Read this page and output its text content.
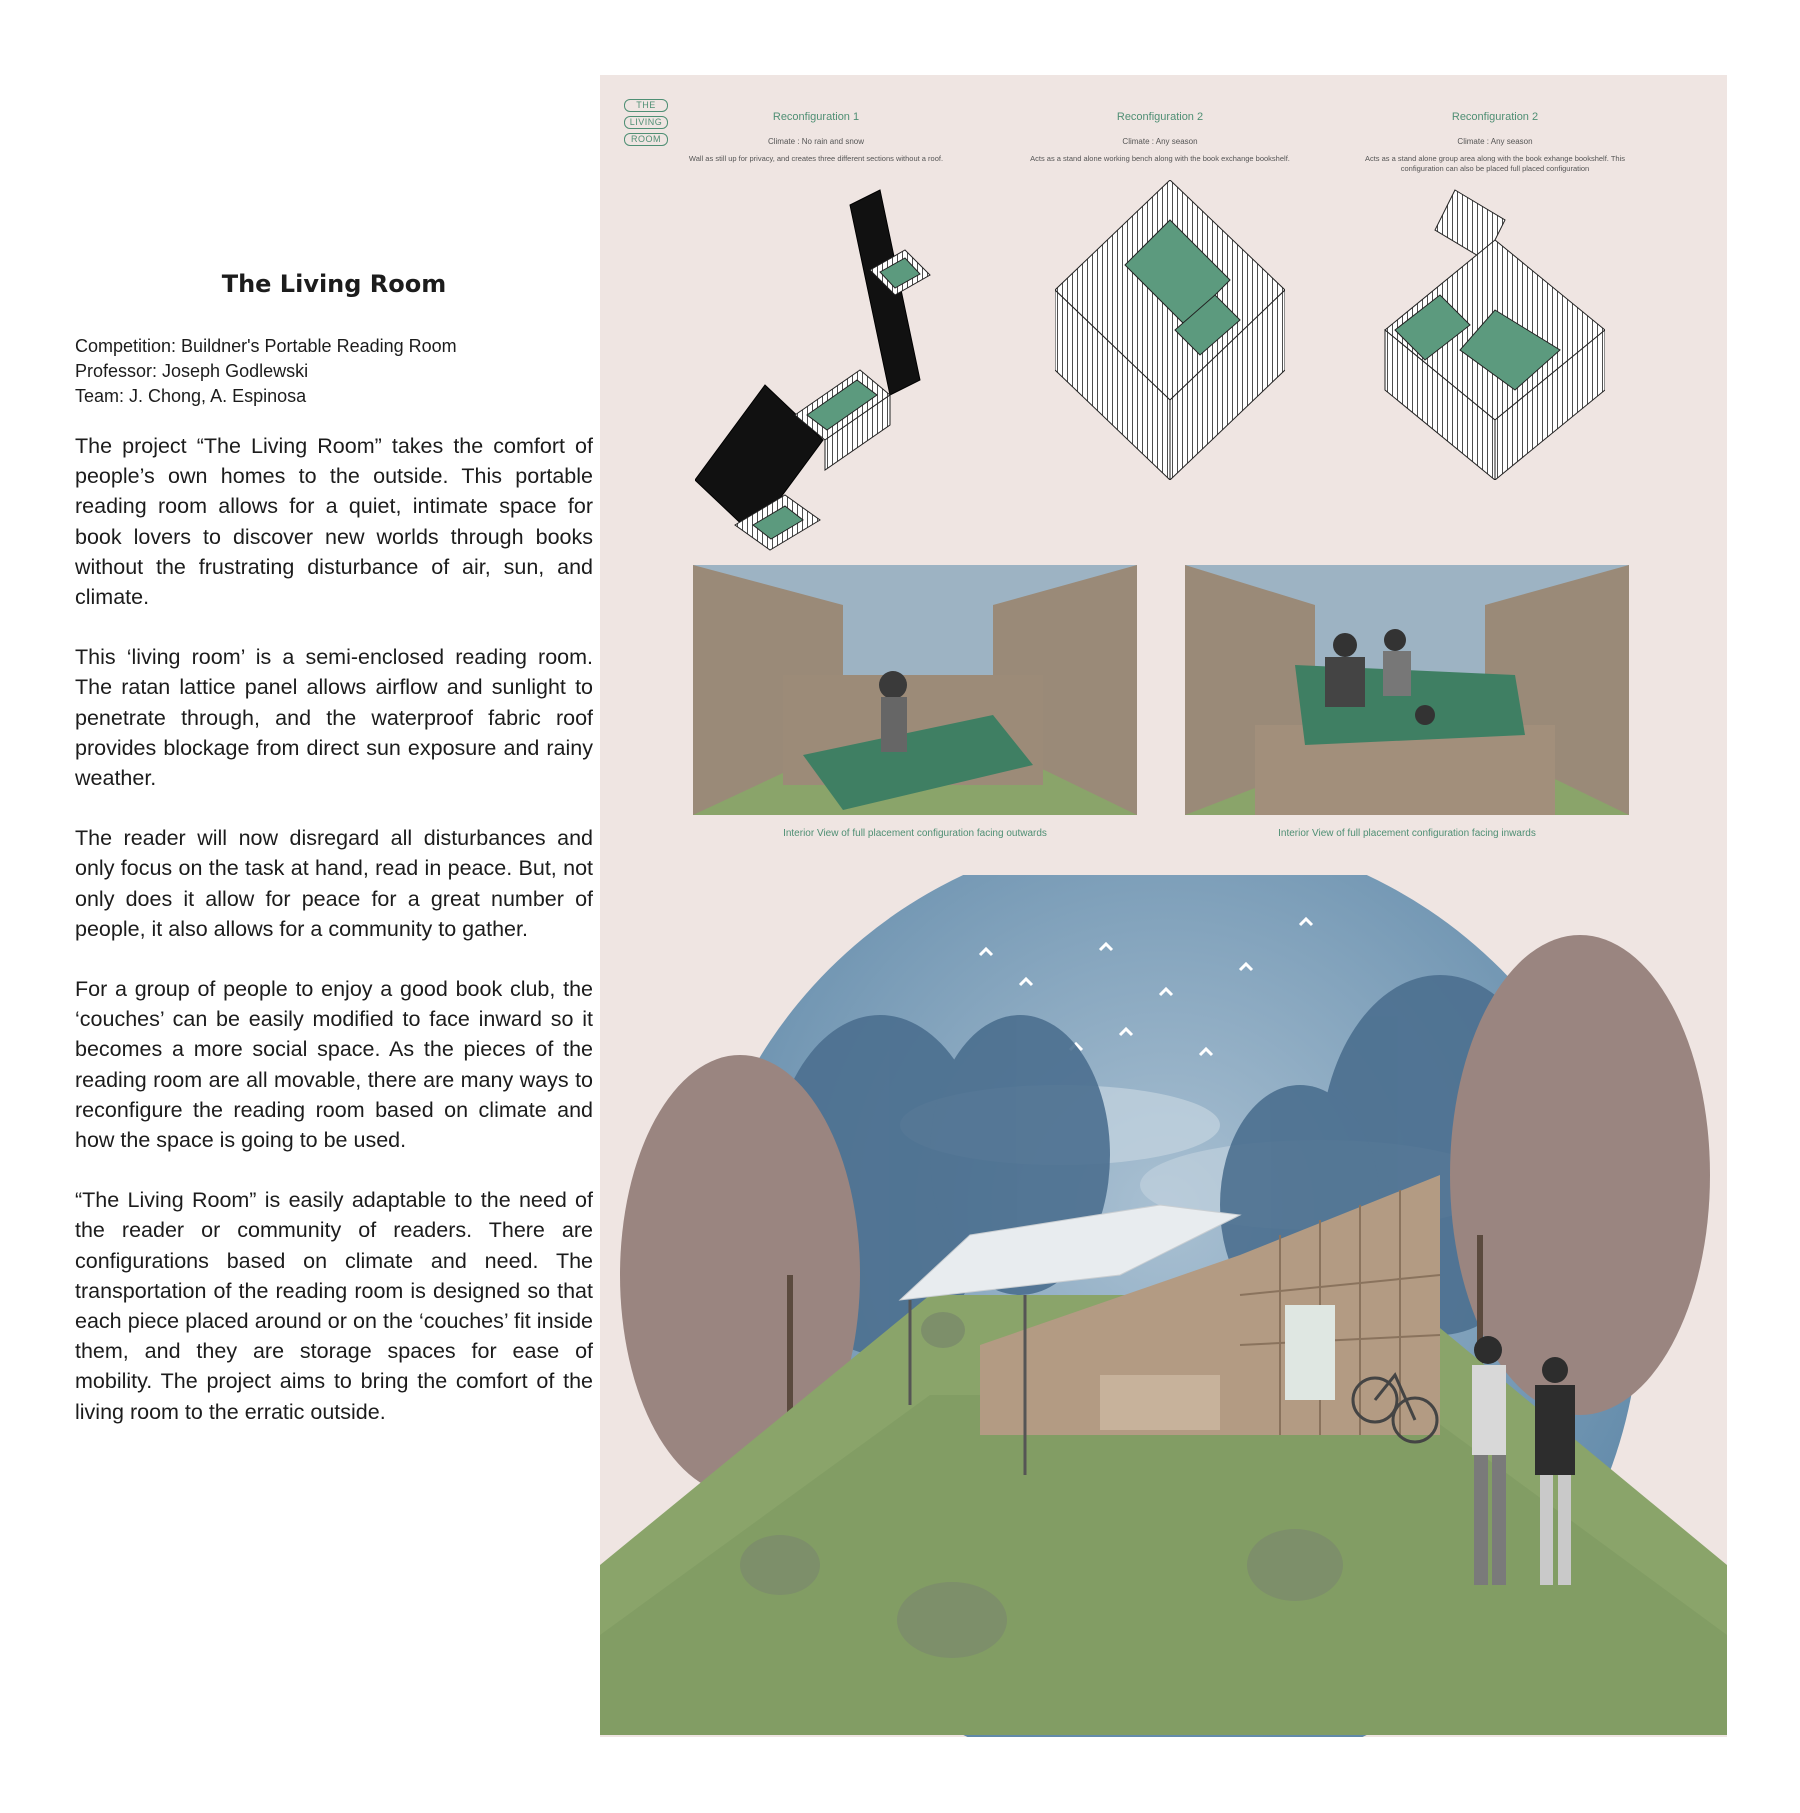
The Living Room
Competition: Buildner's Portable Reading Room
Professor: Joseph Godlewski
Team: J. Chong, A. Espinosa

The project “The Living Room” takes the comfort of people’s own homes to the outside. This portable reading room allows for a quiet, intimate space for book lovers to discover new worlds through books without the frustrating disturbance of air, sun, and climate.

This ‘living room’ is a semi-enclosed reading room. The ratan lattice panel allows airflow and sunlight to penetrate through, and the waterproof fabric roof provides blockage from direct sun exposure and rainy weather.

The reader will now disregard all disturbances and only focus on the task at hand, read in peace. But, not only does it allow for peace for a great number of people, it also allows for a community to gather.

For a group of people to enjoy a good book club, the ‘couches’ can be easily modified to face inward so it becomes a more social space. As the pieces of the reading room are all movable, there are many ways to reconfigure the reading room based on climate and how the space is going to be used.

“The Living Room” is easily adaptable to the need of the reader or community of readers. There are configurations based on climate and need. The transportation of the reading room is designed so that each piece placed around or on the ‘couches’ fit inside them, and they are storage spaces for ease of mobility. The project aims to bring the comfort of the living room to the erratic outside.

THE
LIVING
ROOM
Reconfiguration 1
Climate : No rain and snow
Wall as still up for privacy, and creates three different sections without a roof.
Reconfiguration 2
Climate : Any season
Acts as a stand alone working bench along with the book exchange bookshelf.
Reconfiguration 2
Climate : Any season
Acts as a stand alone group area along with the book exhange bookshelf. This configuration can also be placed full placed configuration
Interior View of full placement configuration facing outwards	Interior View of full placement configuration facing inwards
